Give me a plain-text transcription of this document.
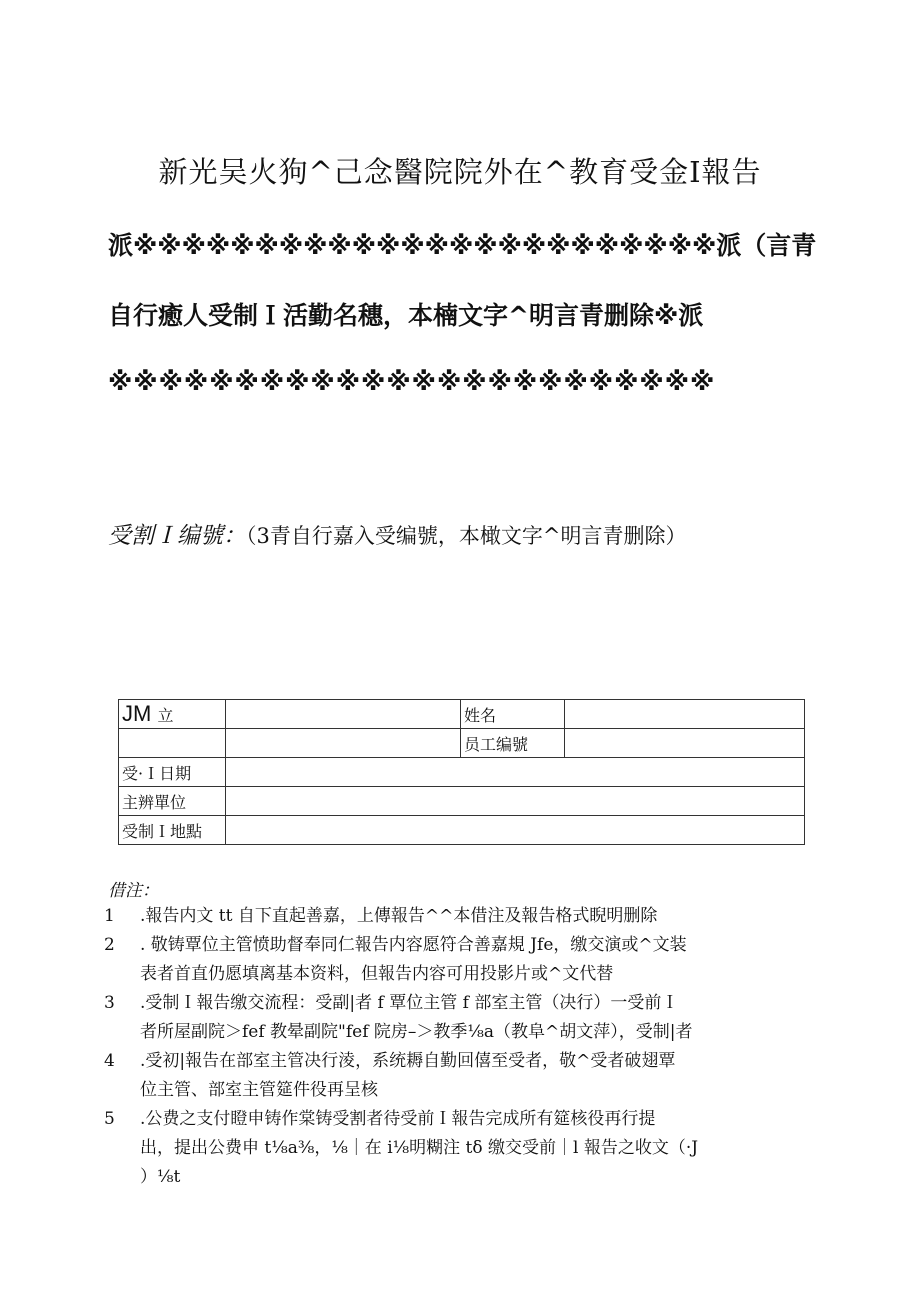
新光吴火狗^己念醫院院外在^教育受金Ⅰ報告

派※※※※※※※※※※※※※※※※※※※※※※※※派（言青

自行癒人受制Ｉ活勤名穗，本楠文字^明言青删除※派

※※※※※※※※※※※※※※※※※※※※※※※※

受割Ｉ编號：（3青自行嘉入受编號，本橄文字^明言青删除）

JM 立		姓名	
		员工编號	
受·Ｉ日期			
主辨單位			
受制Ｉ地點			

借注：

1	.報告内文 tt 自下直起善嘉，上傳報告^^本借注及報告格式睨明删除
2	. 敬铸覃位主管愤助督奉同仁報告内容愿符合善嘉規 Jfe，缴交演或^文装
表者首直仍愿填离基本资料，但報告内容可用投影片或^文代替
3	.受制Ｉ報告缴交流程：受副|者 f 覃位主管 f 部室主管（决行）一受前Ｉ
者所屋副院＞fef 教晕副院"fef 院房–＞教季⅛a（教阜^胡文萍），受制|者
4	.受初|報告在部室主管决行淩，系统耨自勤回僖至受者，敬^受者破翅覃
位主管、部室主管筵件役再呈核
5	.公费之支付瞪申铸作棠铸受割者待受前Ｉ報告完成所有筵核役再行提
出，提出公费申 t⅛a⅜，⅛｜在 i⅛明糊注 tδ 缴交受前｜l 報告之收文（·J
）⅛t
